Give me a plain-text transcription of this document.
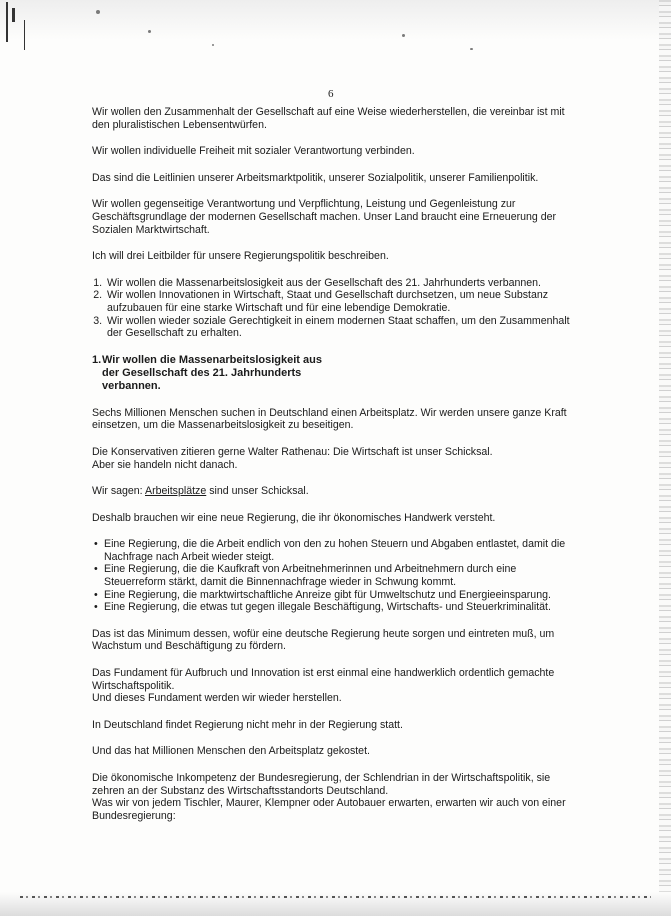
6

Wir wollen den Zusammenhalt der Gesellschaft auf eine Weise wiederherstellen, die vereinbar ist mit den pluralistischen Lebensentwürfen.

Wir wollen individuelle Freiheit mit sozialer Verantwortung verbinden.

Das sind die Leitlinien unserer Arbeitsmarktpolitik, unserer Sozialpolitik, unserer Familienpolitik.

Wir wollen gegenseitige Verantwortung und Verpflichtung, Leistung und Gegenleistung zur Geschäftsgrundlage der modernen Gesellschaft machen. Unser Land braucht eine Erneuerung der Sozialen Marktwirtschaft.

Ich will drei Leitbilder für unsere Regierungspolitik beschreiben.

1. Wir wollen die Massenarbeitslosigkeit aus der Gesellschaft des 21. Jahrhunderts verbannen.
2. Wir wollen Innovationen in Wirtschaft, Staat und Gesellschaft durchsetzen, um neue Substanz aufzubauen für eine starke Wirtschaft und für eine lebendige Demokratie.
3. Wir wollen wieder soziale Gerechtigkeit in einem modernen Staat schaffen, um den Zusammenhalt der Gesellschaft zu erhalten.
1.Wir wollen die Massenarbeitslosigkeit aus
der Gesellschaft des 21. Jahrhunderts
verbannen.

Sechs Millionen Menschen suchen in Deutschland einen Arbeitsplatz. Wir werden unsere ganze Kraft einsetzen, um die Massenarbeitslosigkeit zu beseitigen.

Die Konservativen zitieren gerne Walter Rathenau: Die Wirtschaft ist unser Schicksal.

Aber sie handeln nicht danach.

Wir sagen: Arbeitsplätze sind unser Schicksal.

Deshalb brauchen wir eine neue Regierung, die ihr ökonomisches Handwerk versteht.

• Eine Regierung, die die Arbeit endlich von den zu hohen Steuern und Abgaben entlastet, damit die Nachfrage nach Arbeit wieder steigt.
• Eine Regierung, die die Kaufkraft von Arbeitnehmerinnen und Arbeitnehmern durch eine Steuerreform stärkt, damit die Binnennachfrage wieder in Schwung kommt.
• Eine Regierung, die marktwirtschaftliche Anreize gibt für Umweltschutz und Energieeinsparung.
• Eine Regierung, die etwas tut gegen illegale Beschäftigung, Wirtschafts- und Steuerkriminalität.

Das ist das Minimum dessen, wofür eine deutsche Regierung heute sorgen und eintreten muß, um Wachstum und Beschäftigung zu fördern.

Das Fundament für Aufbruch und Innovation ist erst einmal eine handwerklich ordentlich gemachte Wirtschaftspolitik.

Und dieses Fundament werden wir wieder herstellen.

In Deutschland findet Regierung nicht mehr in der Regierung statt.

Und das hat Millionen Menschen den Arbeitsplatz gekostet.

Die ökonomische Inkompetenz der Bundesregierung, der Schlendrian in der Wirtschaftspolitik, sie zehren an der Substanz des Wirtschaftsstandorts Deutschland.

Was wir von jedem Tischler, Maurer, Klempner oder Autobauer erwarten, erwarten wir auch von einer Bundesregierung:
